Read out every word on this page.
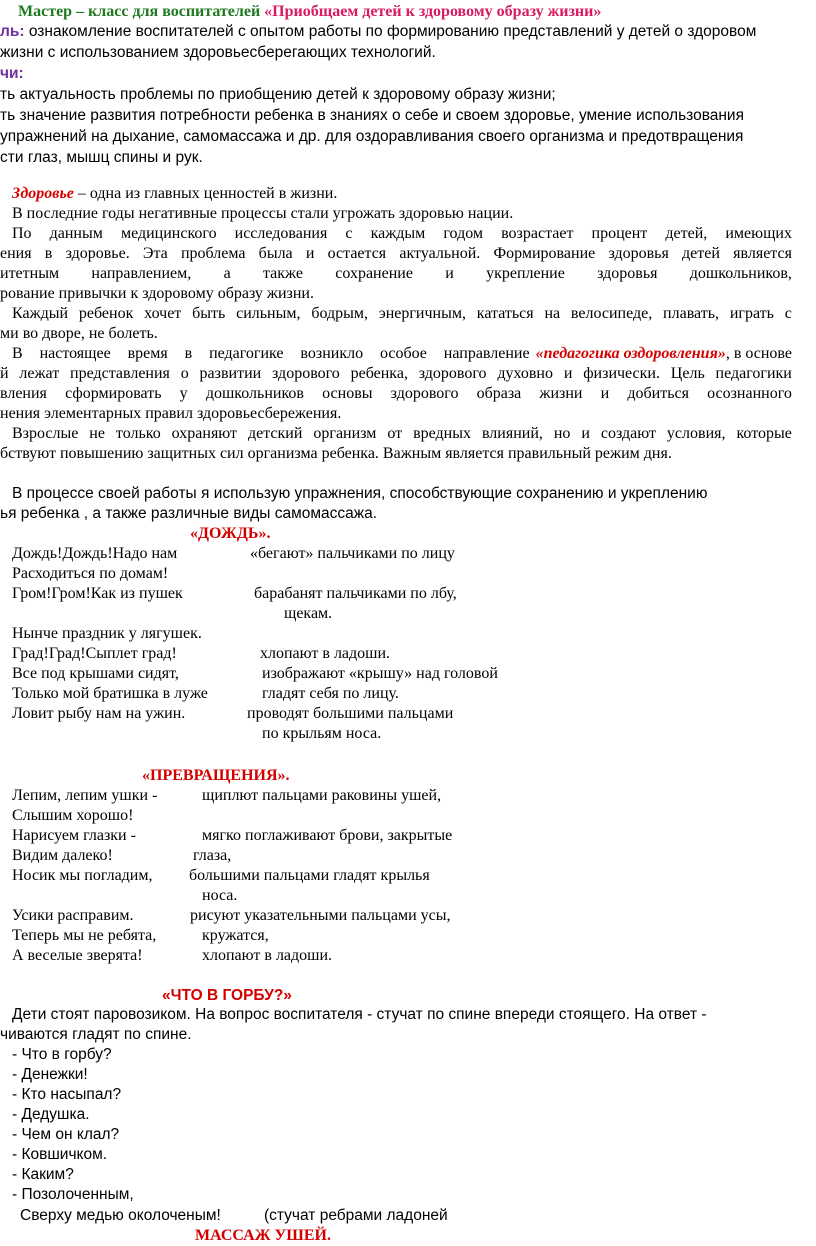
Мастер – класс для воспитателей «Приобщаем детей к здоровому образу жизни»
ль: ознакомление воспитателей с опытом работы по формированию представлений у детей о здоровом
жизни с использованием здоровьесберегающих технологий.
чи:
ть актуальность проблемы по приобщению детей к здоровому образу жизни;
ть значение развития потребности ребенка в знаниях о себе и своем здоровье, умение использования
упражнений на дыхание, самомассажа и др. для оздоравливания своего организма и предотвращения
сти глаз, мышц спины и рук.
Здоровье – одна из главных ценностей в жизни.
В последние годы негативные процессы стали угрожать здоровью нации.
По данным медицинского исследования с каждым годом возрастает процент детей, имеющих
ения в здоровье. Эта проблема была и остается актуальной. Формирование здоровья детей является
итетным направлением, а также сохранение и укрепление здоровья дошкольников,
рование привычки к здоровому образу жизни.
Каждый ребенок хочет быть сильным, бодрым, энергичным, кататься на велосипеде, плавать, играть с
ми во дворе, не болеть.
В настоящее время в педагогике возникло особое направление «педагогика оздоровления», в основе
й лежат представления о развитии здорового ребенка, здорового духовно и физически. Цель педагогики
вления сформировать у дошкольников основы здорового образа жизни и добиться осознанного
нения элементарных правил здоровьесбережения.
Взрослые не только охраняют детский организм от вредных влияний, но и создают условия, которые
бствуют повышению защитных сил организма ребенка. Важным является правильный режим дня.
В процессе своей работы я использую упражнения, способствующие сохранению и укреплению
ья ребенка , а также различные виды самомассажа.
«ДОЖДЬ».
Дождь!Дождь!Надо нам	«бегают» пальчиками по лицу
Расходиться по домам!
Гром!Гром!Как из пушек	барабанят пальчиками по лбу,
щекам.
Нынче праздник у лягушек.
Град!Град!Сыплет град!	хлопают в ладоши.
Все под крышами сидят,	изображают «крышу» над головой
Только мой братишка в луже	гладят себя по лицу.
Ловит рыбу нам на ужин.	проводят большими пальцами
по крыльям носа.
«ПРЕВРАЩЕНИЯ».
Лепим, лепим ушки -	щиплют пальцами раковины ушей,
Слышим хорошо!
Нарисуем глазки -	мягко поглаживают брови, закрытые
Видим далеко!	глаза,
Носик мы погладим, большими пальцами гладят крылья
носа.
Усики расправим.	рисуют указательными пальцами усы,
Теперь мы не ребята,	кружатся,
А веселые зверята!	хлопают в ладоши.
«ЧТО В ГОРБУ?»
Дети стоят паровозиком. На вопрос воспитателя - стучат по спине впереди стоящего. На ответ -
чиваются гладят по спине.
- Что в горбу?
- Денежки!
- Кто насыпал?
- Дедушка.
- Чем он клал?
- Ковшичком.
- Каким?
- Позолоченным,
Сверху медью околоченым!	(стучат ребрами ладоней
МАССАЖ УШЕЙ.
